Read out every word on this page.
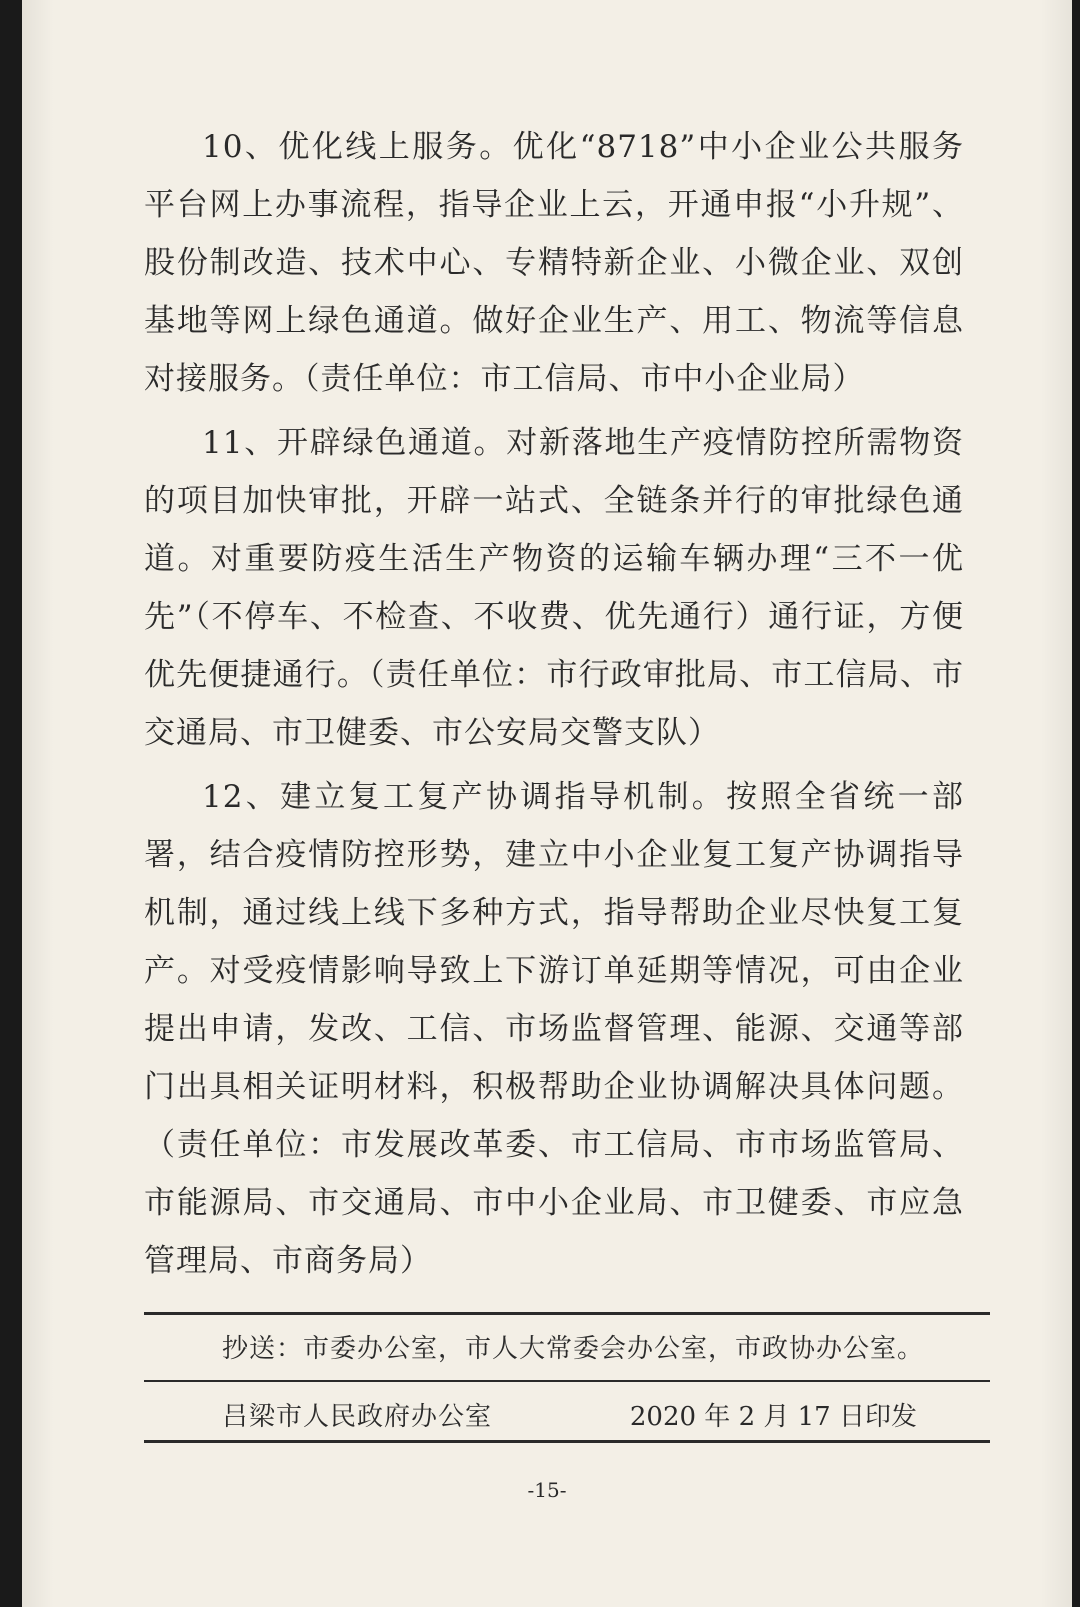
10、优化线上服务。优化“8718”中小企业公共服务平台网上办事流程，指导企业上云，开通申报“小升规”、股份制改造、技术中心、专精特新企业、小微企业、双创基地等网上绿色通道。做好企业生产、用工、物流等信息对接服务。（责任单位：市工信局、市中小企业局）

11、开辟绿色通道。对新落地生产疫情防控所需物资的项目加快审批，开辟一站式、全链条并行的审批绿色通道。对重要防疫生活生产物资的运输车辆办理“三不一优先”（不停车、不检查、不收费、优先通行）通行证，方便优先便捷通行。（责任单位：市行政审批局、市工信局、市交通局、市卫健委、市公安局交警支队）

12、建立复工复产协调指导机制。按照全省统一部署，结合疫情防控形势，建立中小企业复工复产协调指导机制，通过线上线下多种方式，指导帮助企业尽快复工复产。对受疫情影响导致上下游订单延期等情况，可由企业提出申请，发改、工信、市场监督管理、能源、交通等部门出具相关证明材料，积极帮助企业协调解决具体问题。（责任单位：市发展改革委、市工信局、市市场监管局、市能源局、市交通局、市中小企业局、市卫健委、市应急管理局、市商务局）

抄送：市委办公室，市人大常委会办公室，市政协办公室。
吕梁市人民政府办公室	2020 年 2 月 17 日印发
-15-
